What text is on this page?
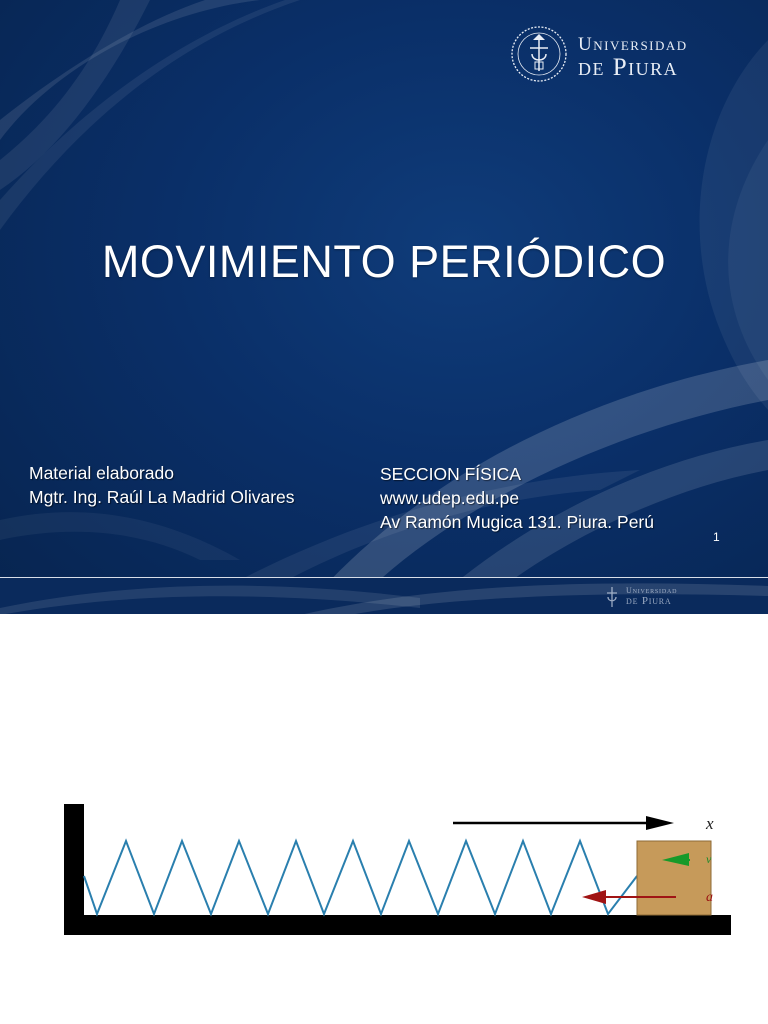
Universidad
de Piura
MOVIMIENTO PERIÓDICO
Material elaborado
Mgtr. Ing. Raúl La Madrid Olivares
SECCION FÍSICA
www.udep.edu.pe
Av Ramón Mugica 131. Piura. Perú
1
Universidad
de Piura
x
v
a
